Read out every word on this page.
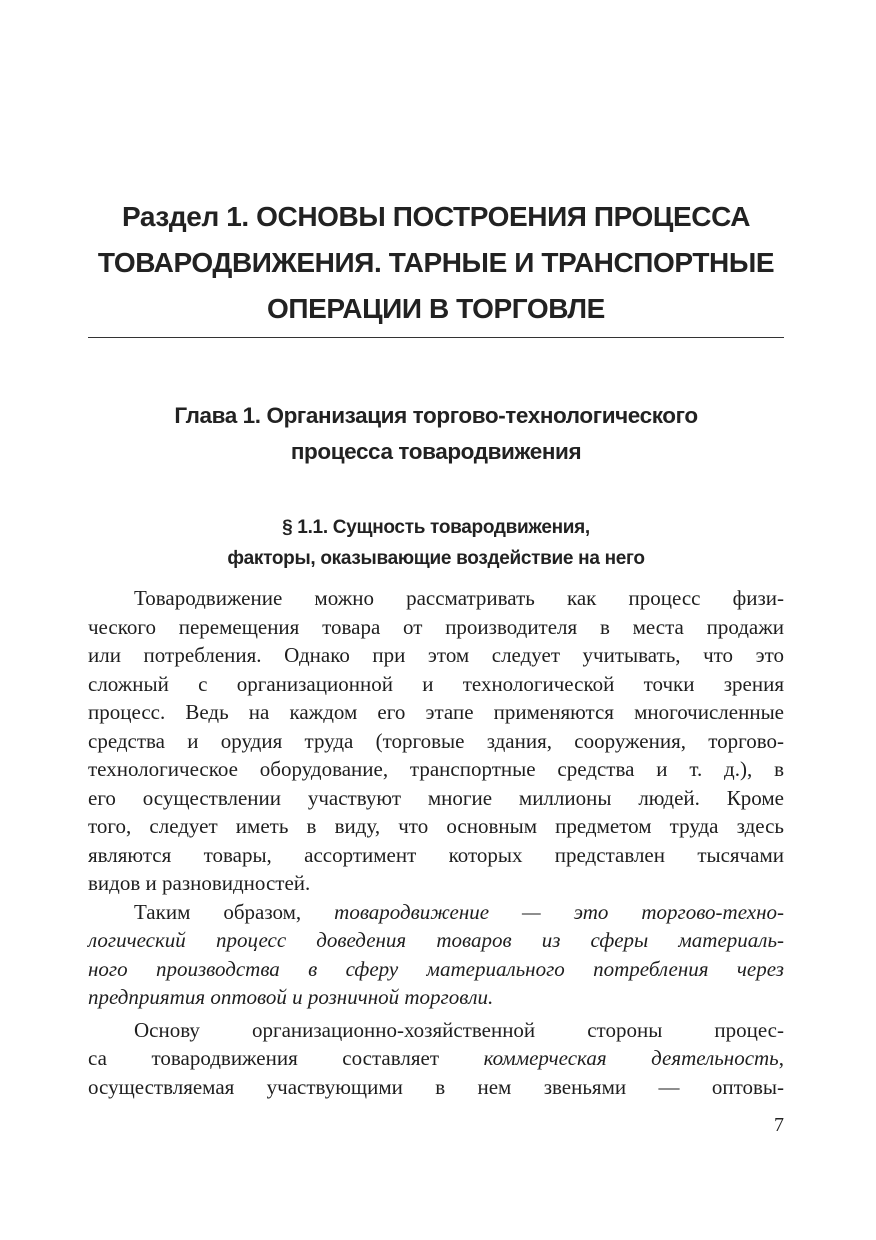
Раздел 1. ОСНОВЫ ПОСТРОЕНИЯ ПРОЦЕССА
ТОВАРОДВИЖЕНИЯ. ТАРНЫЕ И ТРАНСПОРТНЫЕ
ОПЕРАЦИИ В ТОРГОВЛЕ
Глава 1. Организация торгово-технологического
процесса товародвижения
§ 1.1. Сущность товародвижения,
факторы, оказывающие воздействие на него
Товародвижение можно рассматривать как процесс физи-
ческого перемещения товара от производителя в места продажи
или потребления. Однако при этом следует учитывать, что это
сложный с организационной и технологической точки зрения
процесс. Ведь на каждом его этапе применяются многочисленные
средства и орудия труда (торговые здания, сооружения, торгово-
технологическое оборудование, транспортные средства и т. д.), в
его осуществлении участвуют многие миллионы людей. Кроме
того, следует иметь в виду, что основным предметом труда здесь
являются товары, ассортимент которых представлен тысячами
видов и разновидностей.
Таким образом, товародвижение — это торгово-техно-
логический процесс доведения товаров из сферы материаль-
ного производства в сферу материального потребления через
предприятия оптовой и розничной торговли.
Основу организационно-хозяйственной стороны процес-
са товародвижения составляет коммерческая деятельность,
осуществляемая участвующими в нем звеньями — оптовы-
7
